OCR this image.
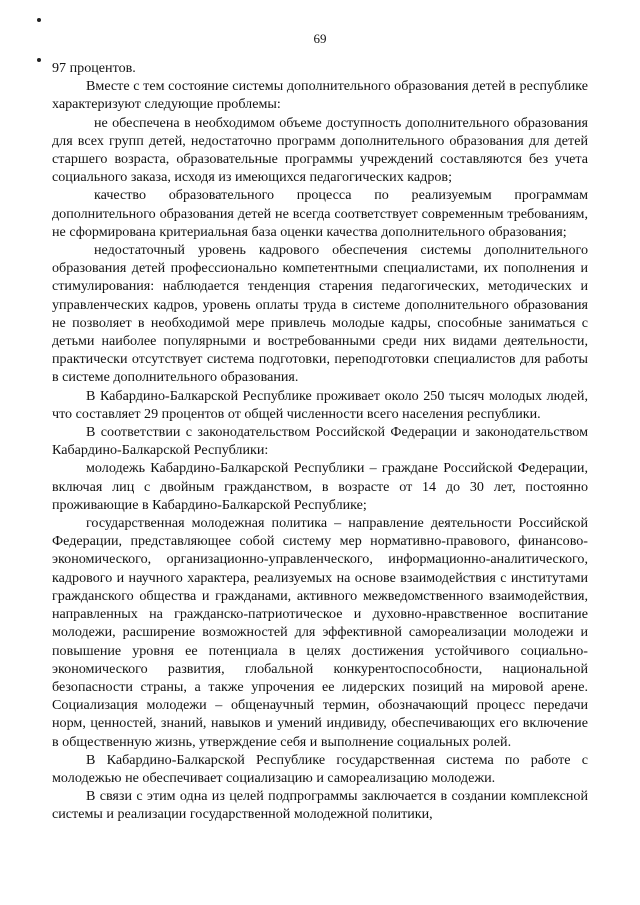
69

97 процентов.

Вместе с тем состояние системы дополнительного образования детей в республике характеризуют следующие проблемы:

не обеспечена в необходимом объеме доступность дополнительного образования для всех групп детей, недостаточно программ дополнительного образования для детей старшего возраста, образовательные программы учреждений составляются без учета социального заказа, исходя из имеющихся педагогических кадров;

качество образовательного процесса по реализуемым программам дополнительного образования детей не всегда соответствует современным требованиям, не сформирована критериальная база оценки качества дополнительного образования;

недостаточный уровень кадрового обеспечения системы дополнительного образования детей профессионально компетентными специалистами, их пополнения и стимулирования: наблюдается тенденция старения педагогических, методических и управленческих кадров, уровень оплаты труда в системе дополнительного образования не позволяет в необходимой мере привлечь молодые кадры, способные заниматься с детьми наиболее популярными и востребованными среди них видами деятельности, практически отсутствует система подготовки, переподготовки специалистов для работы в системе дополнительного образования.

В Кабардино-Балкарской Республике проживает около 250 тысяч молодых людей, что составляет 29 процентов от общей численности всего населения республики.

В соответствии с законодательством Российской Федерации и законодательством Кабардино-Балкарской Республики:

молодежь Кабардино-Балкарской Республики – граждане Российской Федерации, включая лиц с двойным гражданством, в возрасте от 14 до 30 лет, постоянно проживающие в Кабардино-Балкарской Республике;

государственная молодежная политика – направление деятельности Российской Федерации, представляющее собой систему мер нормативно-правового, финансово-экономического, организационно-управленческого, информационно-аналитического, кадрового и научного характера, реализуемых на основе взаимодействия с институтами гражданского общества и гражданами, активного межведомственного взаимодействия, направленных на гражданско-патриотическое и духовно-нравственное воспитание молодежи, расширение возможностей для эффективной самореализации молодежи и повышение уровня ее потенциала в целях достижения устойчивого социально-экономического развития, глобальной конкурентоспособности, национальной безопасности страны, а также упрочения ее лидерских позиций на мировой арене. Социализация молодежи – общенаучный термин, обозначающий процесс передачи норм, ценностей, знаний, навыков и умений индивиду, обеспечивающих его включение в общественную жизнь, утверждение себя и выполнение социальных ролей.

В Кабардино-Балкарской Республике государственная система по работе с молодежью не обеспечивает социализацию и самореализацию молодежи.

В связи с этим одна из целей подпрограммы заключается в создании комплексной системы и реализации государственной молодежной политики,
